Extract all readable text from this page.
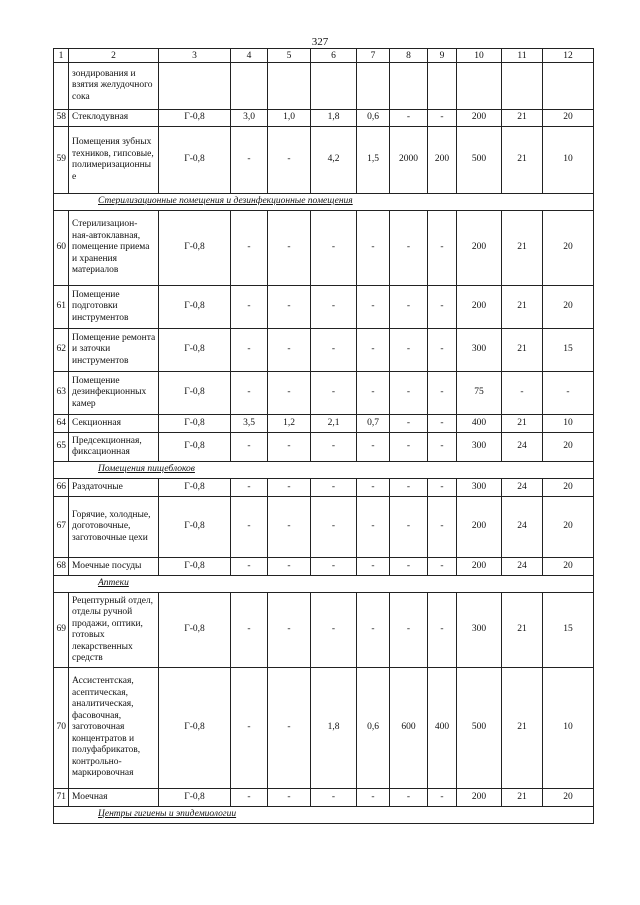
327
1	2	3	4	5	6	7	8	9	10	11	12
	зондирования и взятия желудочного сока										
58	Стеклодувная	Г-0,8	3,0	1,0	1,8	0,6	-	-	200	21	20
59	Помещения зубных техников, гипсовые, полимеризационны е	Г-0,8	-	-	4,2	1,5	2000	200	500	21	10
Стерилизационные помещения и дезинфекционные помещения											
60	Стерилизацион- ная-автоклавная, помещение приема и хранения материалов	Г-0,8	-	-	-	-	-	-	200	21	20
61	Помещение подготовки инструментов	Г-0,8	-	-	-	-	-	-	200	21	20
62	Помещение ремонта и заточки инструментов	Г-0,8	-	-	-	-	-	-	300	21	15
63	Помещение дезинфекционных камер	Г-0,8	-	-	-	-	-	-	75	-	-
64	Секционная	Г-0,8	3,5	1,2	2,1	0,7	-	-	400	21	10
65	Предсекционная, фиксационная	Г-0,8	-	-	-	-	-	-	300	24	20
Помещения пищеблоков											
66	Раздаточные	Г-0,8	-	-	-	-	-	-	300	24	20
67	Горячие, холодные, доготовочные, заготовочные цехи	Г-0,8	-	-	-	-	-	-	200	24	20
68	Моечные посуды	Г-0,8	-	-	-	-	-	-	200	24	20
Аптеки											
69	Рецептурный отдел, отделы ручной продажи, оптики, готовых лекарственных средств	Г-0,8	-	-	-	-	-	-	300	21	15
70	Ассистентская, асептическая, аналитическая, фасовочная, заготовочная концентратов и полуфабрикатов, контрольно- маркировочная	Г-0,8	-	-	1,8	0,6	600	400	500	21	10
71	Моечная	Г-0,8	-	-	-	-	-	-	200	21	20
Центры гигиены и эпидемиологии											
